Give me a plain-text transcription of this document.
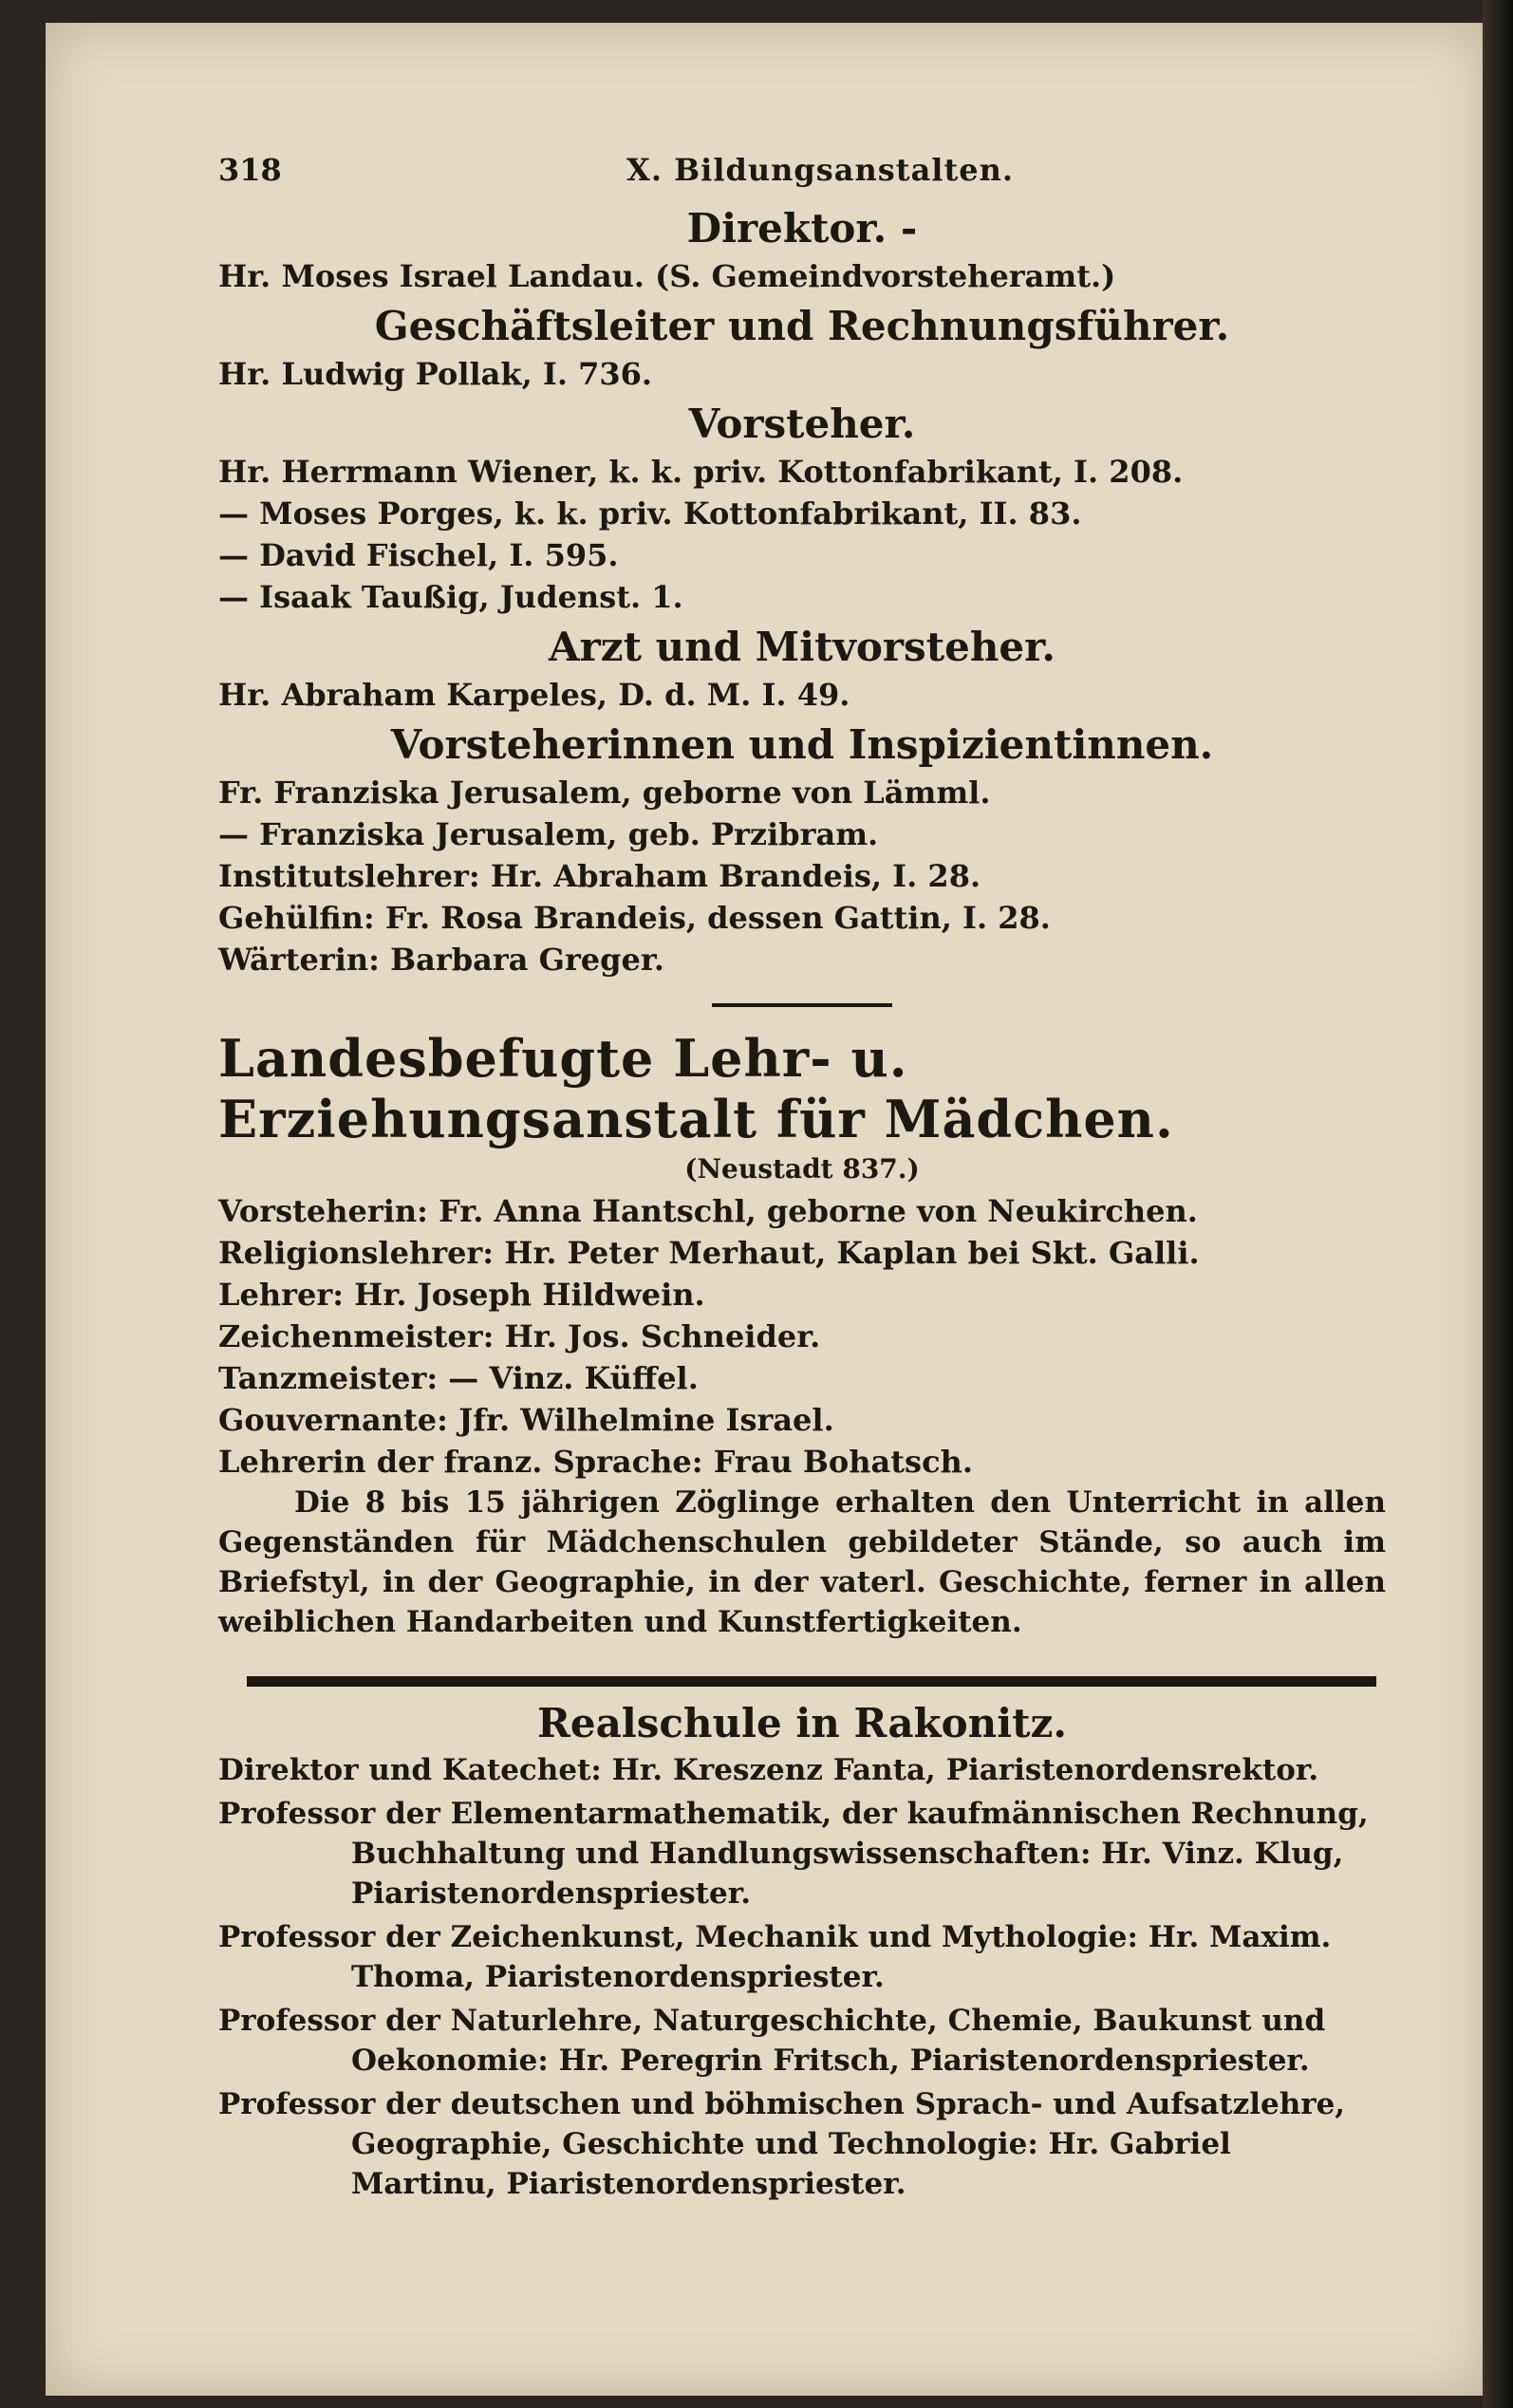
318	X. Bildungsanstalten.
Direktor. -
Hr. Moses Israel Landau. (S. Gemeindvorsteheramt.)
Geschäftsleiter und Rechnungsführer.
Hr. Ludwig Pollak, I. 736.
Vorsteher.
Hr. Herrmann Wiener, k. k. priv. Kottonfabrikant, I. 208.
— Moses Porges, k. k. priv. Kottonfabrikant, II. 83.
— David Fischel, I. 595.
— Isaak Taußig, Judenst. 1.
Arzt und Mitvorsteher.
Hr. Abraham Karpeles, D. d. M. I. 49.
Vorsteherinnen und Inspizientinnen.
Fr. Franziska Jerusalem, geborne von Lämml.
— Franziska Jerusalem, geb. Przibram.
Institutslehrer: Hr. Abraham Brandeis, I. 28.
Gehülfin: Fr. Rosa Brandeis, dessen Gattin, I. 28.
Wärterin: Barbara Greger.
Landesbefugte Lehr- u. Erziehungsanstalt für Mädchen.
(Neustadt 837.)
Vorsteherin: Fr. Anna Hantschl, geborne von Neukirchen.
Religionslehrer: Hr. Peter Merhaut, Kaplan bei Skt. Galli.
Lehrer: Hr. Joseph Hildwein.
Zeichenmeister: Hr. Jos. Schneider.
Tanzmeister: — Vinz. Küffel.
Gouvernante: Jfr. Wilhelmine Israel.
Lehrerin der franz. Sprache: Frau Bohatsch.
Die 8 bis 15 jährigen Zöglinge erhalten den Unterricht in allen Gegenständen für Mädchenschulen gebildeter Stände, so auch im Briefstyl, in der Geographie, in der vaterl. Geschichte, ferner in allen weiblichen Handarbeiten und Kunstfertigkeiten.
Realschule in Rakonitz.
Direktor und Katechet: Hr. Kreszenz Fanta, Piaristenordensrektor.
Professor der Elementarmathematik, der kaufmännischen Rechnung, Buchhaltung und Handlungswissenschaften: Hr. Vinz. Klug, Piaristenordenspriester.
Professor der Zeichenkunst, Mechanik und Mythologie: Hr. Maxim. Thoma, Piaristenordenspriester.
Professor der Naturlehre, Naturgeschichte, Chemie, Baukunst und Oekonomie: Hr. Peregrin Fritsch, Piaristenordenspriester.
Professor der deutschen und böhmischen Sprach- und Aufsatzlehre, Geographie, Geschichte und Technologie: Hr. Gabriel Martinu, Piaristenordenspriester.
